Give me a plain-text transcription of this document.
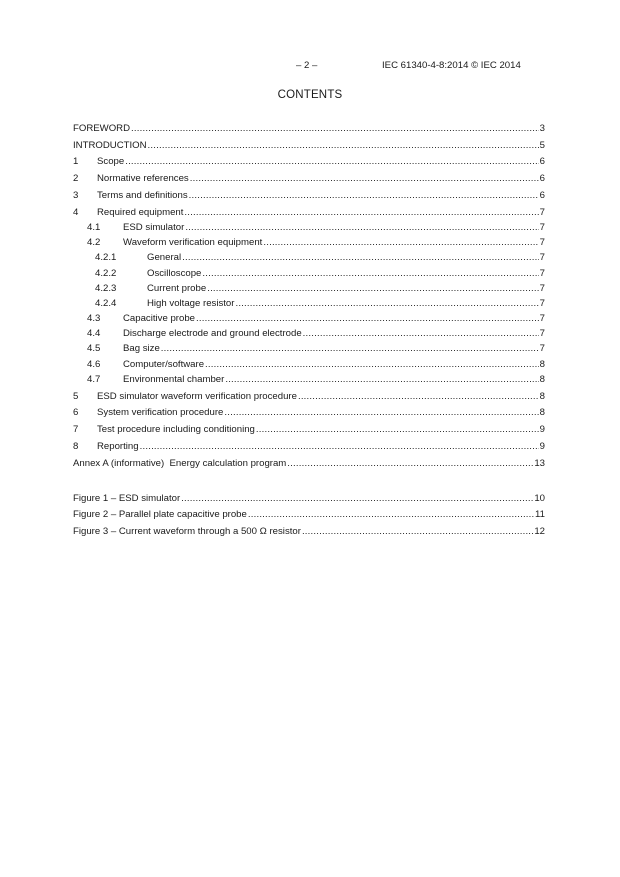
– 2 –	IEC 61340-4-8:2014 © IEC 2014
CONTENTS
FOREWORD .....	3
INTRODUCTION .....	5
1	Scope .....	6
2	Normative references .....	6
3	Terms and definitions .....	6
4	Required equipment .....	7
4.1	ESD simulator .....	7
4.2	Waveform verification equipment .....	7
4.2.1	General .....	7
4.2.2	Oscilloscope .....	7
4.2.3	Current probe .....	7
4.2.4	High voltage resistor .....	7
4.3	Capacitive probe .....	7
4.4	Discharge electrode and ground electrode .....	7
4.5	Bag size .....	7
4.6	Computer/software .....	8
4.7	Environmental chamber .....	8
5	ESD simulator waveform verification procedure .....	8
6	System verification procedure .....	8
7	Test procedure including conditioning .....	9
8	Reporting .....	9
Annex A (informative)  Energy calculation program .....	13
Figure 1 – ESD simulator .....	10
Figure 2 – Parallel plate capacitive probe .....	11
Figure 3 – Current waveform through a 500 Ω resistor .....	12
